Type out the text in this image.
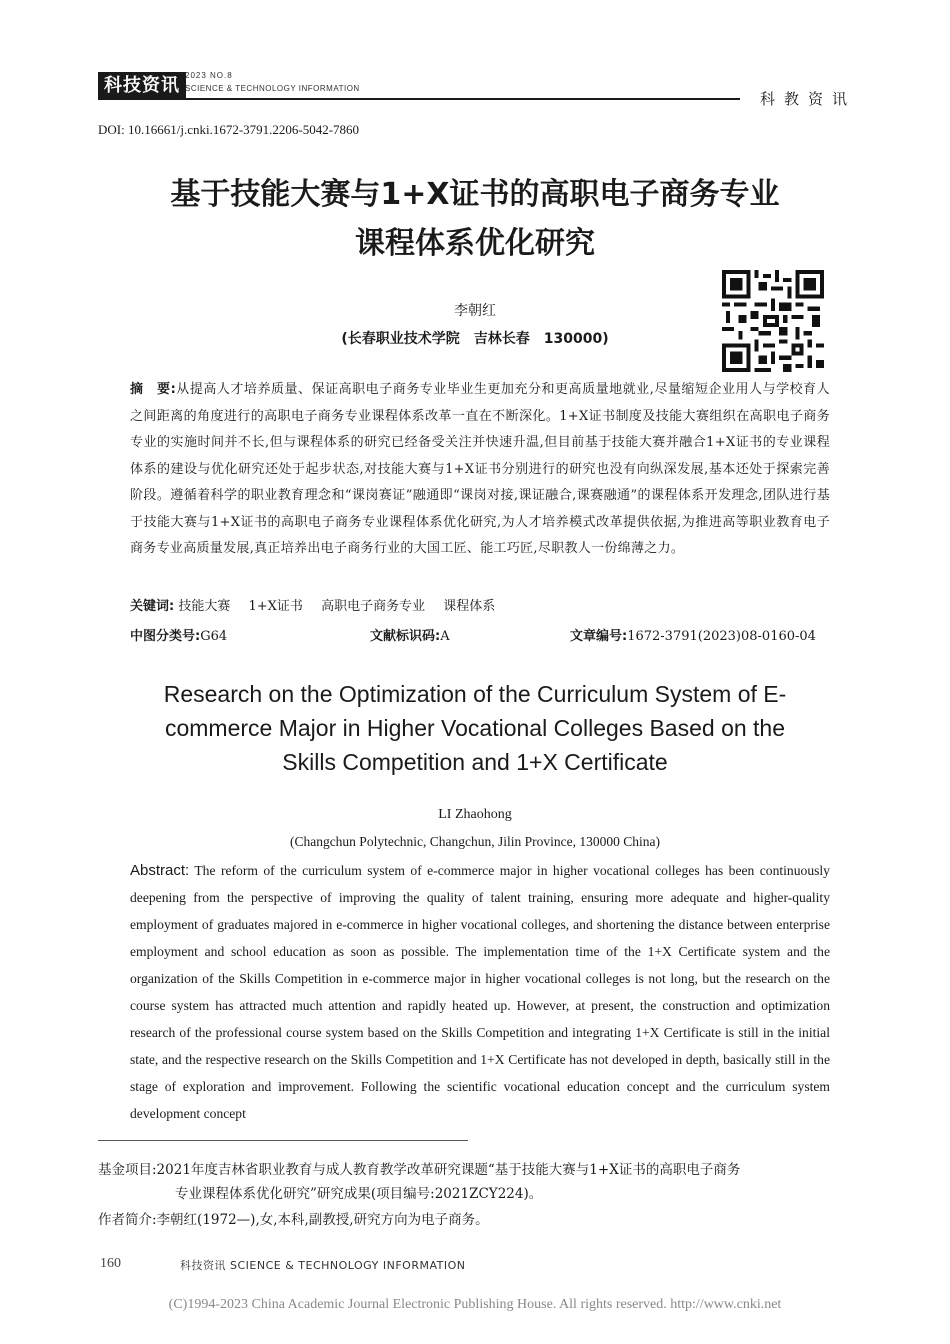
科技资讯 2023 NO.8
SCIENCE & TECHNOLOGY INFORMATION
科教资讯
DOI: 10.16661/j.cnki.1672-3791.2206-5042-7860
基于技能大赛与1+X证书的高职电子商务专业
课程体系优化研究
李朝红
(长春职业技术学院　吉林长春　130000)
摘　要:从提高人才培养质量、保证高职电子商务专业毕业生更加充分和更高质量地就业,尽量缩短企业用人与学校育人之间距离的角度进行的高职电子商务专业课程体系改革一直在不断深化。1+X证书制度及技能大赛组织在高职电子商务专业的实施时间并不长,但与课程体系的研究已经备受关注并快速升温,但目前基于技能大赛并融合1+X证书的专业课程体系的建设与优化研究还处于起步状态,对技能大赛与1+X证书分别进行的研究也没有向纵深发展,基本还处于探索完善阶段。遵循着科学的职业教育理念和“课岗赛证”融通即“课岗对接,课证融合,课赛融通”的课程体系开发理念,团队进行基于技能大赛与1+X证书的高职电子商务专业课程体系优化研究,为人才培养模式改革提供依据,为推进高等职业教育电子商务专业高质量发展,真正培养出电子商务行业的大国工匠、能工巧匠,尽职教人一份绵薄之力。
关键词: 技能大赛 1+X证书 高职电子商务专业 课程体系
中图分类号:G64	文献标识码:A	文章编号:1672-3791(2023)08-0160-04
Research on the Optimization of the Curriculum System of E-
commerce Major in Higher Vocational Colleges Based on the
Skills Competition and 1+X Certificate
LI Zhaohong
(Changchun Polytechnic, Changchun, Jilin Province, 130000 China)
Abstract: The reform of the curriculum system of e-commerce major in higher vocational colleges has been continuously deepening from the perspective of improving the quality of talent training, ensuring more adequate and higher-quality employment of graduates majored in e-commerce in higher vocational colleges, and shortening the distance between enterprise employment and school education as soon as possible. The implementation time of the 1+X Certificate system and the organization of the Skills Competition in e-commerce major in higher vocational colleges is not long, but the research on the course system has attracted much attention and rapidly heated up. However, at present, the construction and optimization research of the professional course system based on the Skills Competition and integrating 1+X Certificate is still in the initial state, and the respective research on the Skills Competition and 1+X Certificate has not developed in depth, basically still in the stage of exploration and improvement. Following the scientific vocational education concept and the curriculum system development concept
基金项目:2021年度吉林省职业教育与成人教育教学改革研究课题“基于技能大赛与1+X证书的高职电子商务
专业课程体系优化研究”研究成果(项目编号:2021ZCY224)。
作者简介:李朝红(1972—),女,本科,副教授,研究方向为电子商务。
160	科技资讯 SCIENCE & TECHNOLOGY INFORMATION
(C)1994-2023 China Academic Journal Electronic Publishing House. All rights reserved. http://www.cnki.net
